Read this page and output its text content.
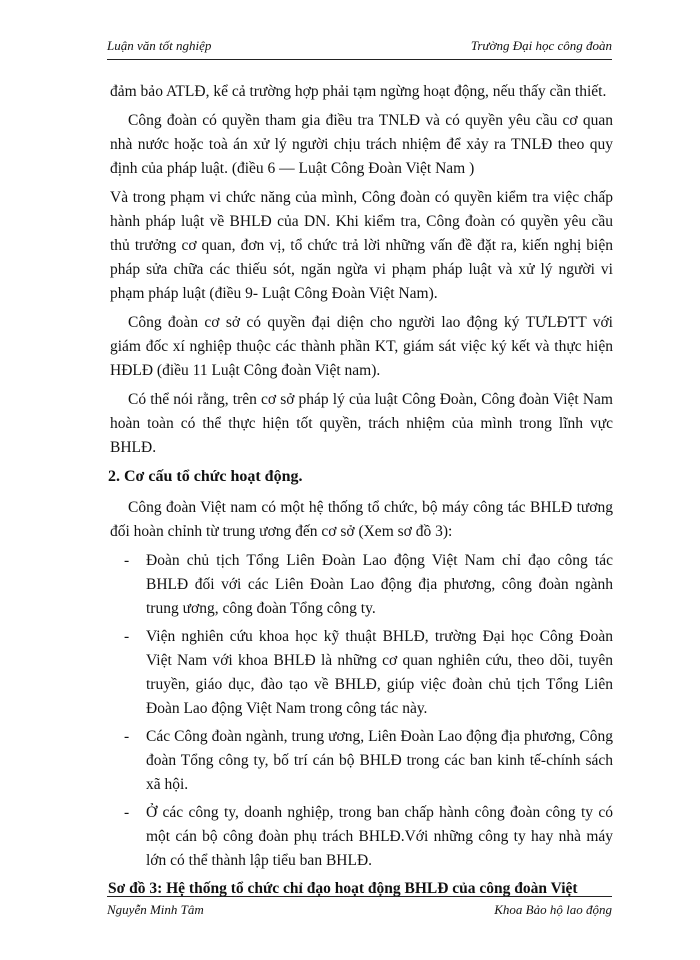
Luận văn tốt nghiệp	Trường Đại học công đoàn

đảm bảo ATLĐ, kể cả trường hợp phải tạm ngừng hoạt động, nếu thấy cần thiết.

Công đoàn có quyền tham gia điều tra TNLĐ và có quyền yêu cầu cơ quan nhà nước hoặc toà án xử lý người chịu trách nhiệm để xảy ra TNLĐ theo quy định của pháp luật. (điều 6 — Luật Công Đoàn Việt Nam )

Và trong phạm vi chức năng của mình, Công đoàn có quyền kiểm tra việc chấp hành pháp luật về BHLĐ của DN. Khi kiểm tra, Công đoàn có quyền yêu cầu thủ trưởng cơ quan, đơn vị, tổ chức trả lời những vấn đề đặt ra, kiến nghị biện pháp sửa chữa các thiếu sót, ngăn ngừa vi phạm pháp luật và xử lý người vi phạm pháp luật (điều 9- Luật Công Đoàn Việt Nam).

Công đoàn cơ sở có quyền đại diện cho người lao động ký TƯLĐTT với giám đốc xí nghiệp thuộc các thành phần KT, giám sát việc ký kết và thực hiện HĐLĐ (điều 11 Luật Công đoàn Việt nam).

Có thể nói rằng, trên cơ sở pháp lý của luật Công Đoàn, Công đoàn Việt Nam hoàn toàn có thể thực hiện tốt quyền, trách nhiệm của mình trong lĩnh vực BHLĐ.

2. Cơ cấu tổ chức hoạt động.

Công đoàn Việt nam có một hệ thống tổ chức, bộ máy công tác BHLĐ tương đối hoàn chỉnh từ trung ương đến cơ sở (Xem sơ đồ 3):

- Đoàn chủ tịch Tổng Liên Đoàn Lao động Việt Nam chỉ đạo công tác BHLĐ đối với các Liên Đoàn Lao động địa phương, công đoàn ngành trung ương, công đoàn Tổng công ty.
- Viện nghiên cứu khoa học kỹ thuật BHLĐ, trường Đại học Công Đoàn Việt Nam với khoa BHLĐ là những cơ quan nghiên cứu, theo dõi, tuyên truyền, giáo dục, đào tạo về BHLĐ, giúp việc đoàn chủ tịch Tổng Liên Đoàn Lao động Việt Nam trong công tác này.
- Các Công đoàn ngành, trung ương, Liên Đoàn Lao động địa phương, Công đoàn Tổng công ty, bố trí cán bộ BHLĐ trong các ban kinh tế-chính sách xã hội.
- Ở các công ty, doanh nghiệp, trong ban chấp hành công đoàn công ty có một cán bộ công đoàn phụ trách BHLĐ.Với những công ty hay nhà máy lớn có thể thành lập tiểu ban BHLĐ.

Sơ đồ 3: Hệ thống tổ chức chỉ đạo hoạt động BHLĐ của công đoàn Việt

Nguyễn Minh Tâm	Khoa Bảo hộ lao động
